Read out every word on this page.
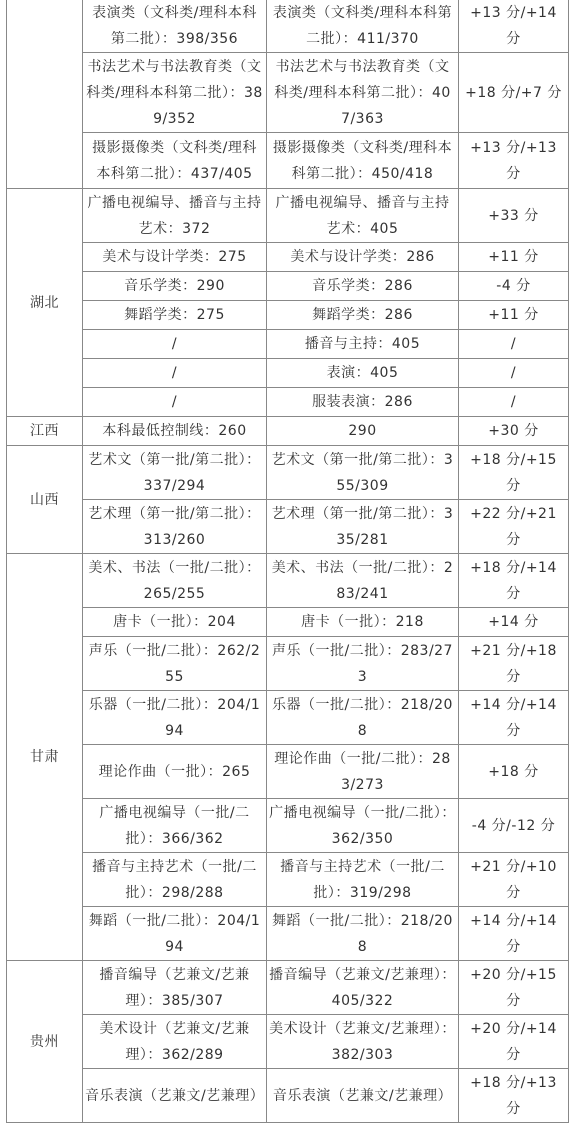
	表演类（文科类/理科本科第二批）：398/356	表演类（文科类/理科本科第二批）：411/370	+13 分/+14 分
	书法艺术与书法教育类（文科类/理科本科第二批）：389/352	书法艺术与书法教育类（文科类/理科本科第二批）：407/363	+18 分/+7 分
	摄影摄像类（文科类/理科本科第二批）：437/405	摄影摄像类（文科类/理科本科第二批）：450/418	+13 分/+13 分
湖北	广播电视编导、播音与主持艺术：372	广播电视编导、播音与主持艺术：405	+33 分
	美术与设计学类：275	美术与设计学类：286	+11 分
	音乐学类：290	音乐学类：286	-4 分
	舞蹈学类：275	舞蹈学类：286	+11 分
	/	播音与主持：405	/
	/	表演：405	/
	/	服装表演：286	/
江西	本科最低控制线：260	290	+30 分
山西	艺术文（第一批/第二批）：337/294	艺术文（第一批/第二批）：355/309	+18 分/+15 分
	艺术理（第一批/第二批）：313/260	艺术理（第一批/第二批）：335/281	+22 分/+21 分
甘肃	美术、书法（一批/二批）：265/255	美术、书法（一批/二批）：283/241	+18 分/+14 分
	唐卡（一批）：204	唐卡（一批）：218	+14 分
	声乐（一批/二批）：262/255	声乐（一批/二批）：283/273	+21 分/+18 分
	乐器（一批/二批）：204/194	乐器（一批/二批）：218/208	+14 分/+14 分
	理论作曲（一批）：265	理论作曲（一批/二批）：283/273	+18 分
	广播电视编导（一批/二批）：366/362	广播电视编导（一批/二批）：362/350	-4 分/-12 分
	播音与主持艺术（一批/二批）：298/288	播音与主持艺术（一批/二批）：319/298	+21 分/+10 分
	舞蹈（一批/二批）：204/194	舞蹈（一批/二批）：218/208	+14 分/+14 分
贵州	播音编导（艺兼文/艺兼理）：385/307	播音编导（艺兼文/艺兼理）：405/322	+20 分/+15 分
	美术设计（艺兼文/艺兼理）：362/289	美术设计（艺兼文/艺兼理）：382/303	+20 分/+14 分
	音乐表演（艺兼文/艺兼理）	音乐表演（艺兼文/艺兼理）	+18 分/+13 分
